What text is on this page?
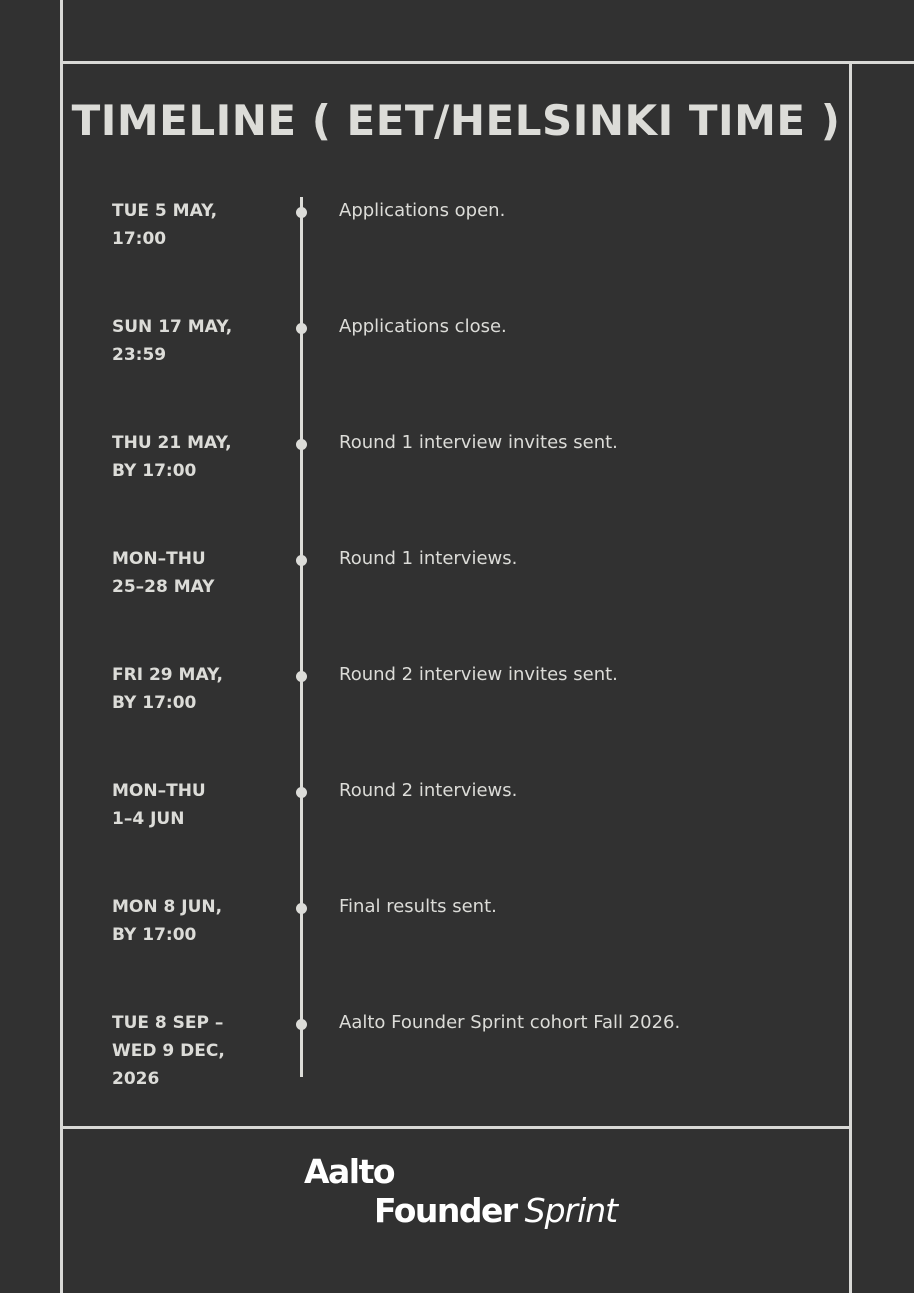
TIMELINE ( EET/HELSINKI TIME )
TUE 5 MAY,
17:00
Applications open.
SUN 17 MAY,
23:59
Applications close.
THU 21 MAY,
BY 17:00
Round 1 interview invites sent.
MON–THU
25–28 MAY
Round 1 interviews.
FRI 29 MAY,
BY 17:00
Round 2 interview invites sent.
MON–THU
1–4 JUN
Round 2 interviews.
MON 8 JUN,
BY 17:00
Final results sent.
TUE 8 SEP –
WED 9 DEC,
2026
Aalto Founder Sprint cohort Fall 2026.
Aalto
Founder Sprint
